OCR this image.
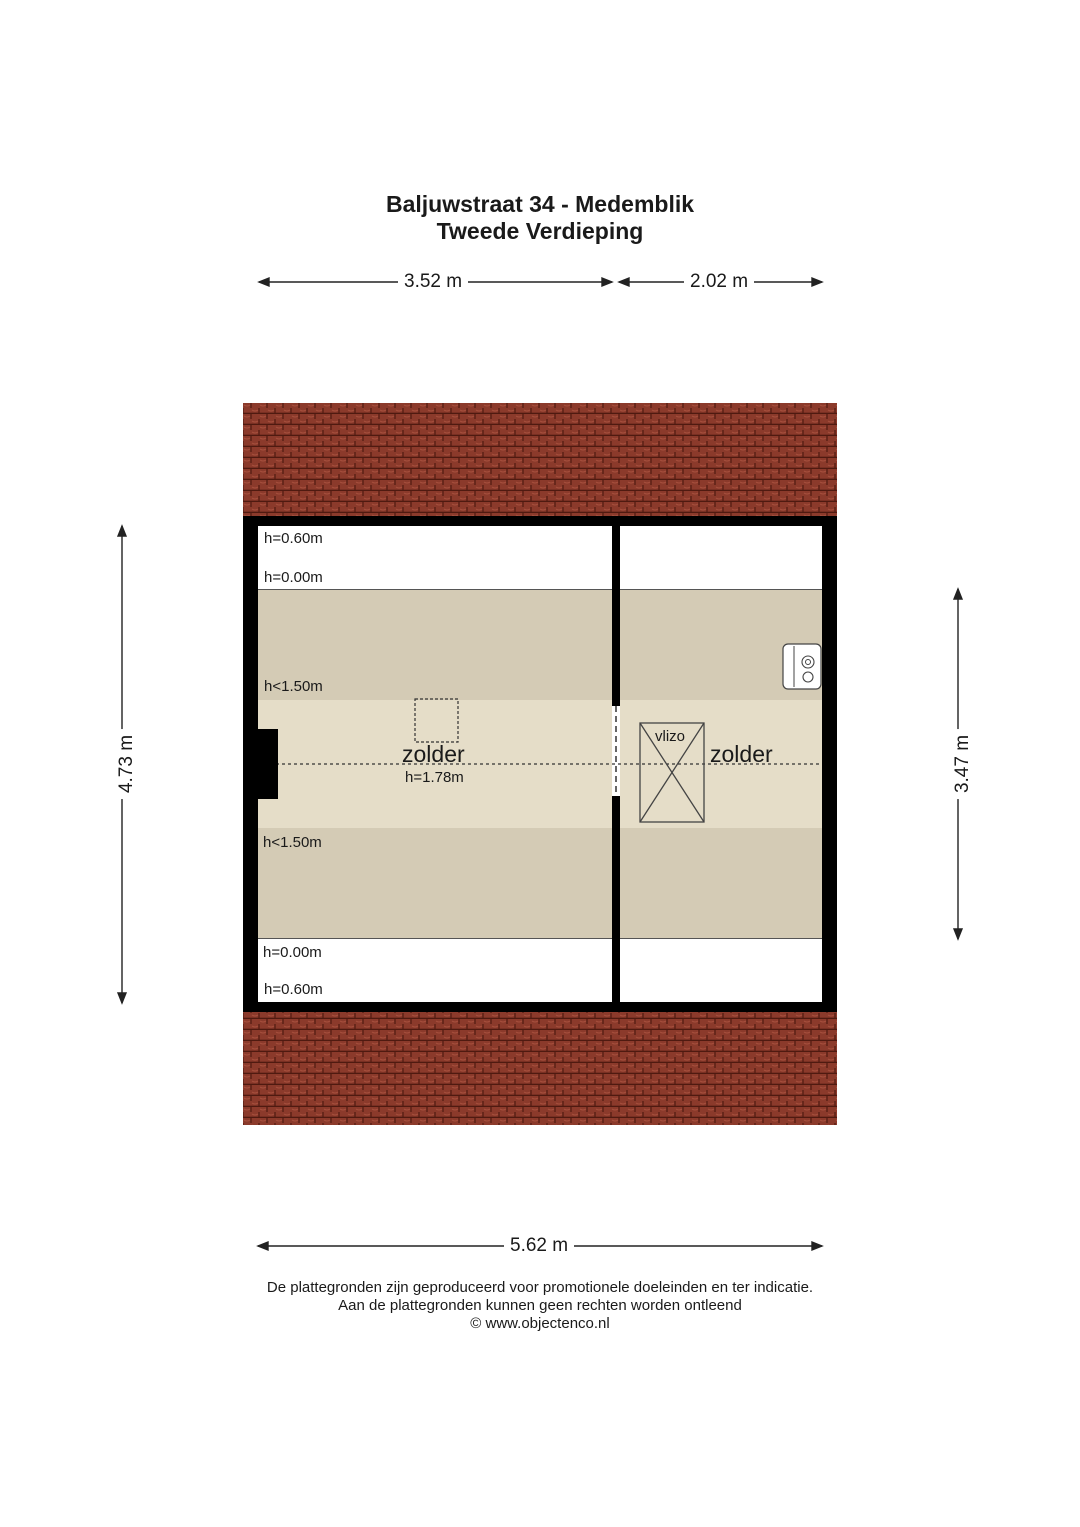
Baljuwstraat 34 - Medemblik
Tweede Verdieping
3.52 m	2.02 m
4.73 m	3.47 m
5.62 m
h=0.60m
h=0.00m
h<1.50m
h<1.50m
h=0.00m
h=0.60m
zolder
h=1.78m
zolder
vlizo
De plattegronden zijn geproduceerd voor promotionele doeleinden en ter indicatie.
Aan de plattegronden kunnen geen rechten worden ontleend
© www.objectenco.nl
